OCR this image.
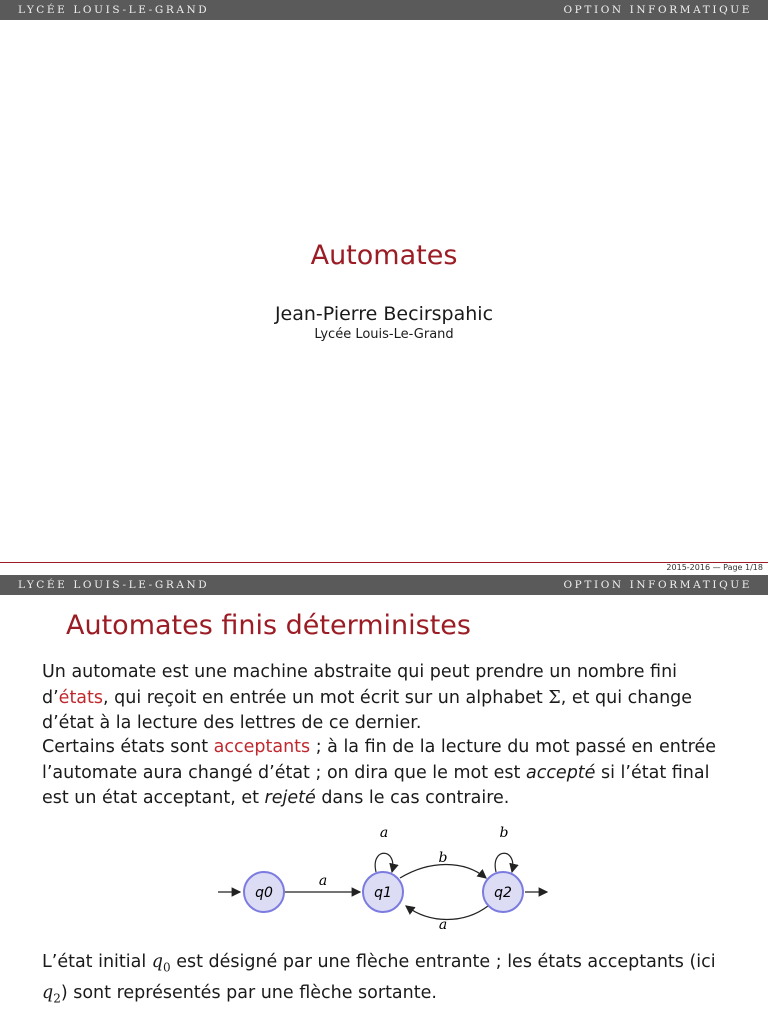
LYCÉE LOUIS-LE-GRAND	OPTION INFORMATIQUE
Automates
Jean-Pierre Becirspahic
Lycée Louis-Le-Grand
2015-2016 — Page 1/18
LYCÉE LOUIS-LE-GRAND	OPTION INFORMATIQUE
Automates finis déterministes
Un automate est une machine abstraite qui peut prendre un nombre fini d’états, qui reçoit en entrée un mot écrit sur un alphabet Σ, et qui change d’état à la lecture des lettres de ce dernier.
Certains états sont acceptants ; à la fin de la lecture du mot passé en entrée l’automate aura changé d’état ; on dira que le mot est accepté si l’état final est un état acceptant, et rejeté dans le cas contraire.
a
a
b
b
a
q0	q1	q2
L’état initial $q_0$ est désigné par une flèche entrante ; les états acceptants (ici $q_2$) sont représentés par une flèche sortante.
